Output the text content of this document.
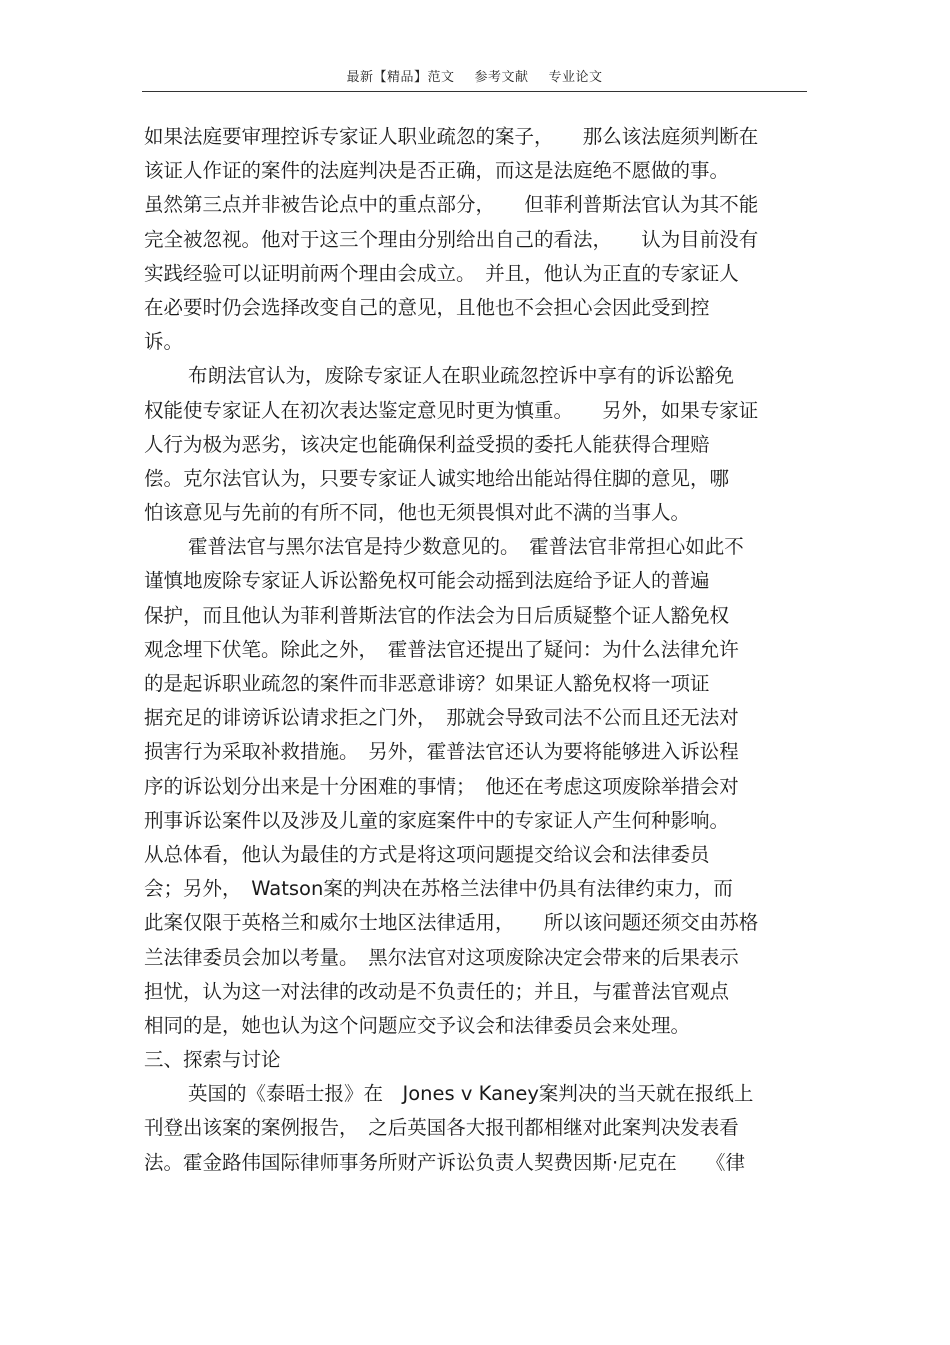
最新【精品】范文 参考文献 专业论文
如果法庭要审理控诉专家证人职业疏忽的案子，　　那么该法庭须判断在
该证人作证的案件的法庭判决是否正确，而这是法庭绝不愿做的事。
虽然第三点并非被告论点中的重点部分，　　但菲利普斯法官认为其不能
完全被忽视。他对于这三个理由分别给出自己的看法，　　认为目前没有
实践经验可以证明前两个理由会成立。　并且，他认为正直的专家证人
在必要时仍会选择改变自己的意见，且他也不会担心会因此受到控
诉。
布朗法官认为，废除专家证人在职业疏忽控诉中享有的诉讼豁免
权能使专家证人在初次表达鉴定意见时更为慎重。　　另外，如果专家证
人行为极为恶劣，该决定也能确保利益受损的委托人能获得合理赔
偿。克尔法官认为，只要专家证人诚实地给出能站得住脚的意见，哪
怕该意见与先前的有所不同，他也无须畏惧对此不满的当事人。
霍普法官与黑尔法官是持少数意见的。　霍普法官非常担心如此不
谨慎地废除专家证人诉讼豁免权可能会动摇到法庭给予证人的普遍
保护，而且他认为菲利普斯法官的作法会为日后质疑整个证人豁免权
观念埋下伏笔。除此之外，　霍普法官还提出了疑问：为什么法律允许
的是起诉职业疏忽的案件而非恶意诽谤？如果证人豁免权将一项证
据充足的诽谤诉讼请求拒之门外，　那就会导致司法不公而且还无法对
损害行为采取补救措施。　另外，霍普法官还认为要将能够进入诉讼程
序的诉讼划分出来是十分困难的事情；　他还在考虑这项废除举措会对
刑事诉讼案件以及涉及儿童的家庭案件中的专家证人产生何种影响。
从总体看，他认为最佳的方式是将这项问题提交给议会和法律委员
会；另外，　Watson案的判决在苏格兰法律中仍具有法律约束力，而
此案仅限于英格兰和威尔士地区法律适用，　　所以该问题还须交由苏格
兰法律委员会加以考量。　黑尔法官对这项废除决定会带来的后果表示
担忧，认为这一对法律的改动是不负责任的；并且，与霍普法官观点
相同的是，她也认为这个问题应交予议会和法律委员会来处理。
三、探索与讨论
英国的《泰晤士报》在　Jones v Kaney案判决的当天就在报纸上
刊登出该案的案例报告，　之后英国各大报刊都相继对此案判决发表看
法。霍金路伟国际律师事务所财产诉讼负责人契费因斯·尼克在　　《律
